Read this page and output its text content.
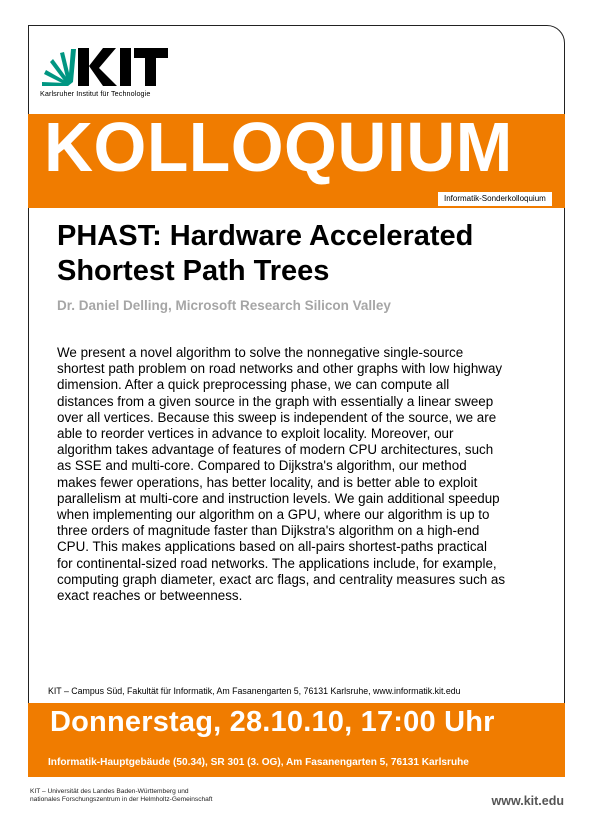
Karlsruher Institut für Technologie
KOLLOQUIUM
Informatik-Sonderkolloquium
PHAST: Hardware Accelerated Shortest Path Trees
Dr. Daniel Delling, Microsoft Research Silicon Valley
We present a novel algorithm to solve the nonnegative single-source
shortest path problem on road networks and other graphs with low highway
dimension. After a quick preprocessing phase, we can compute all
distances from a given source in the graph with essentially a linear sweep
over all vertices. Because this sweep is independent of the source, we are
able to reorder vertices in advance to exploit locality. Moreover, our
algorithm takes advantage of features of modern CPU architectures, such
as SSE and multi-core. Compared to Dijkstra's algorithm, our method
makes fewer operations, has better locality, and is better able to exploit
parallelism at multi-core and instruction levels. We gain additional speedup
when implementing our algorithm on a GPU, where our algorithm is up to
three orders of magnitude faster than Dijkstra's algorithm on a high-end
CPU. This makes applications based on all-pairs shortest-paths practical
for continental-sized road networks. The applications include, for example,
computing graph diameter, exact arc flags, and centrality measures such as
exact reaches or betweenness.
KIT – Campus Süd, Fakultät für Informatik, Am Fasanengarten 5, 76131 Karlsruhe, www.informatik.kit.edu
Donnerstag, 28.10.10, 17:00 Uhr
Informatik-Hauptgebäude (50.34), SR 301 (3. OG), Am Fasanengarten 5, 76131 Karlsruhe
KIT – Universität des Landes Baden-Württemberg und
nationales Forschungszentrum in der Helmholtz-Gemeinschaft	www.kit.edu
